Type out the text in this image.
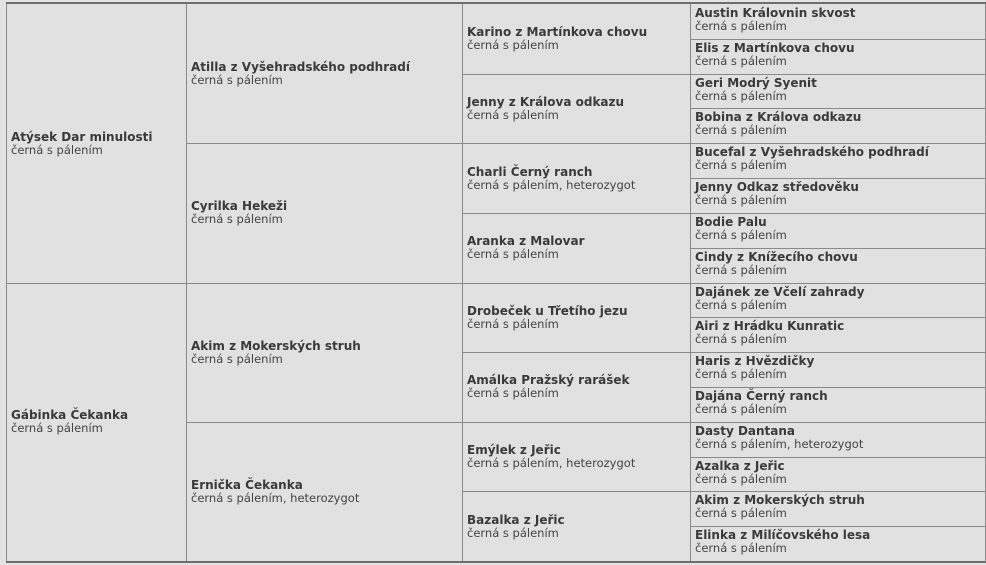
Atýsek Dar minulosti
černá s pálením
Gábinka Čekanka
černá s pálením
Atilla z Vyšehradského podhradí
černá s pálením
Cyrilka Hekeži
černá s pálením
Akim z Mokerských struh
černá s pálením
Ernička Čekanka
černá s pálením, heterozygot
Karino z Martínkova chovu
černá s pálením
Jenny z Králova odkazu
černá s pálením
Charli Černý ranch
černá s pálením, heterozygot
Aranka z Malovar
černá s pálením
Drobeček u Třetího jezu
černá s pálením
Amálka Pražský rarášek
černá s pálením
Emýlek z Jeřic
černá s pálením, heterozygot
Bazalka z Jeřic
černá s pálením
Austin Královnin skvost
černá s pálením
Elis z Martínkova chovu
černá s pálením
Geri Modrý Syenit
černá s pálením
Bobina z Králova odkazu
černá s pálením
Bucefal z Vyšehradského podhradí
černá s pálením
Jenny Odkaz středověku
černá s pálením
Bodie Palu
černá s pálením
Cindy z Knížecího chovu
černá s pálením
Dajánek ze Včelí zahrady
černá s pálením
Airi z Hrádku Kunratic
černá s pálením
Haris z Hvězdičky
černá s pálením
Dajána Černý ranch
černá s pálením
Dasty Dantana
černá s pálením, heterozygot
Azalka z Jeřic
černá s pálením
Akim z Mokerských struh
černá s pálením
Elinka z Milíčovského lesa
černá s pálením
